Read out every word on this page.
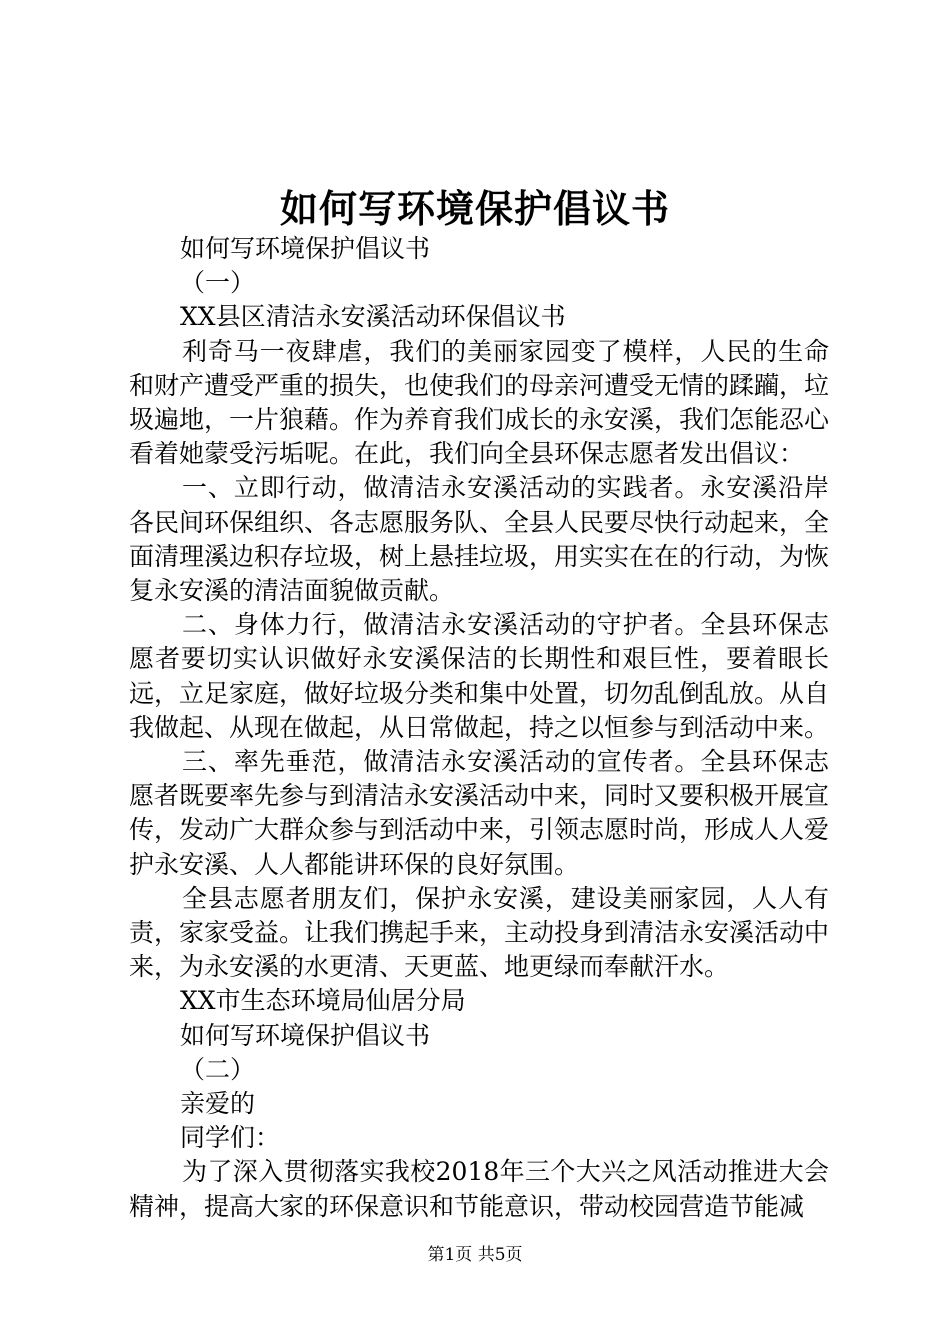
如何写环境保护倡议书

如何写环境保护倡议书

（一）

XX县区清洁永安溪活动环保倡议书

利奇马一夜肆虐，我们的美丽家园变了模样，人民的生命和财产遭受严重的损失，也使我们的母亲河遭受无情的蹂躏，垃圾遍地，一片狼藉。作为养育我们成长的永安溪，我们怎能忍心看着她蒙受污垢呢。在此，我们向全县环保志愿者发出倡议：

一、立即行动，做清洁永安溪活动的实践者。永安溪沿岸各民间环保组织、各志愿服务队、全县人民要尽快行动起来，全面清理溪边积存垃圾，树上悬挂垃圾，用实实在在的行动，为恢复永安溪的清洁面貌做贡献。

二、身体力行，做清洁永安溪活动的守护者。全县环保志愿者要切实认识做好永安溪保洁的长期性和艰巨性，要着眼长远，立足家庭，做好垃圾分类和集中处置，切勿乱倒乱放。从自我做起、从现在做起，从日常做起，持之以恒参与到活动中来。

三、率先垂范，做清洁永安溪活动的宣传者。全县环保志愿者既要率先参与到清洁永安溪活动中来，同时又要积极开展宣传，发动广大群众参与到活动中来，引领志愿时尚，形成人人爱护永安溪、人人都能讲环保的良好氛围。

全县志愿者朋友们，保护永安溪，建设美丽家园，人人有责，家家受益。让我们携起手来，主动投身到清洁永安溪活动中来，为永安溪的水更清、天更蓝、地更绿而奉献汗水。

XX市生态环境局仙居分局

如何写环境保护倡议书

（二）

亲爱的

同学们：

为了深入贯彻落实我校2018年三个大兴之风活动推进大会精神，提高大家的环保意识和节能意识，带动校园营造节能减

第1页 共5页
